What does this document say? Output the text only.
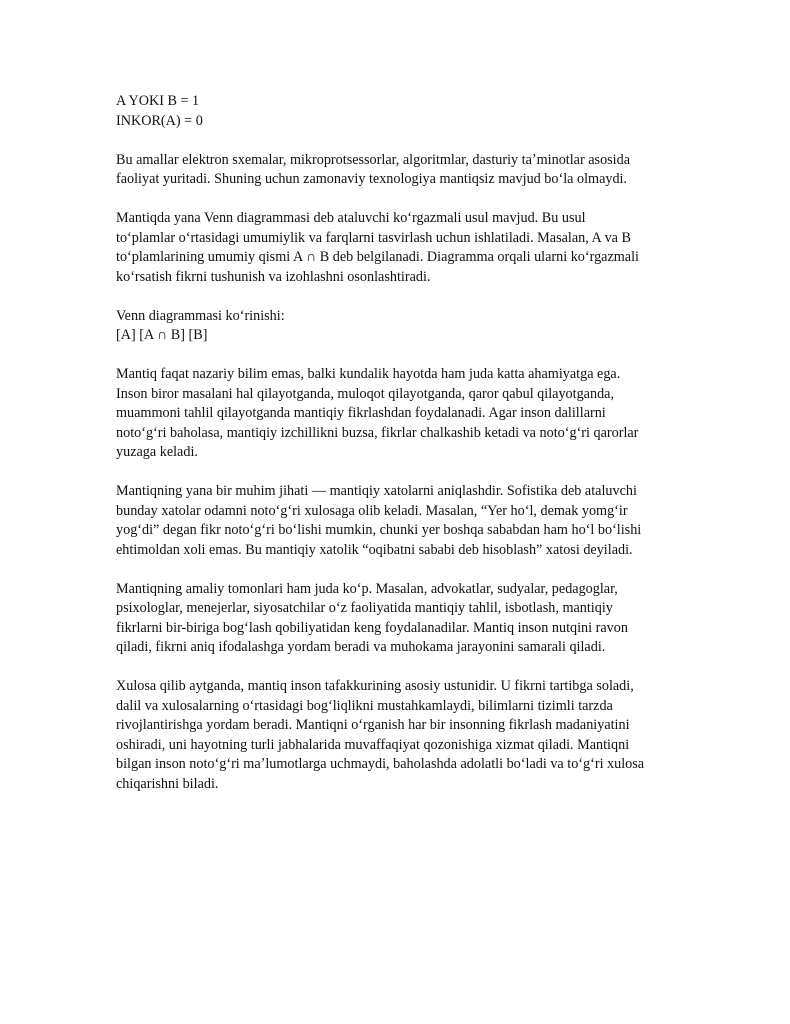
A YOKI B = 1
INKOR(A) = 0

Bu amallar elektron sxemalar, mikroprotsessorlar, algoritmlar, dasturiy taʼminotlar asosida
faoliyat yuritadi. Shuning uchun zamonaviy texnologiya mantiqsiz mavjud boʻla olmaydi.

Mantiqda yana Venn diagrammasi deb ataluvchi koʻrgazmali usul mavjud. Bu usul
toʻplamlar oʻrtasidagi umumiylik va farqlarni tasvirlash uchun ishlatiladi. Masalan, A va B
toʻplamlarining umumiy qismi A ∩ B deb belgilanadi. Diagramma orqali ularni koʻrgazmali
koʻrsatish fikrni tushunish va izohlashni osonlashtiradi.

Venn diagrammasi koʻrinishi:
[A] [A ∩ B] [B]

Mantiq faqat nazariy bilim emas, balki kundalik hayotda ham juda katta ahamiyatga ega.
Inson biror masalani hal qilayotganda, muloqot qilayotganda, qaror qabul qilayotganda,
muammoni tahlil qilayotganda mantiqiy fikrlashdan foydalanadi. Agar inson dalillarni
notoʻgʻri baholasa, mantiqiy izchillikni buzsa, fikrlar chalkashib ketadi va notoʻgʻri qarorlar
yuzaga keladi.

Mantiqning yana bir muhim jihati — mantiqiy xatolarni aniqlashdir. Sofistika deb ataluvchi
bunday xatolar odamni notoʻgʻri xulosaga olib keladi. Masalan, “Yer hoʻl, demak yomgʻir
yogʻdi” degan fikr notoʻgʻri boʻlishi mumkin, chunki yer boshqa sababdan ham hoʻl boʻlishi
ehtimoldan xoli emas. Bu mantiqiy xatolik “oqibatni sababi deb hisoblash” xatosi deyiladi.

Mantiqning amaliy tomonlari ham juda koʻp. Masalan, advokatlar, sudyalar, pedagoglar,
psixologlar, menejerlar, siyosatchilar oʻz faoliyatida mantiqiy tahlil, isbotlash, mantiqiy
fikrlarni bir-biriga bogʻlash qobiliyatidan keng foydalanadilar. Mantiq inson nutqini ravon
qiladi, fikrni aniq ifodalashga yordam beradi va muhokama jarayonini samarali qiladi.

Xulosa qilib aytganda, mantiq inson tafakkurining asosiy ustunidir. U fikrni tartibga soladi,
dalil va xulosalarning oʻrtasidagi bogʻliqlikni mustahkamlaydi, bilimlarni tizimli tarzda
rivojlantirishga yordam beradi. Mantiqni oʻrganish har bir insonning fikrlash madaniyatini
oshiradi, uni hayotning turli jabhalarida muvaffaqiyat qozonishiga xizmat qiladi. Mantiqni
bilgan inson notoʻgʻri maʼlumotlarga uchmaydi, baholashda adolatli boʻladi va toʻgʻri xulosa
chiqarishni biladi.
